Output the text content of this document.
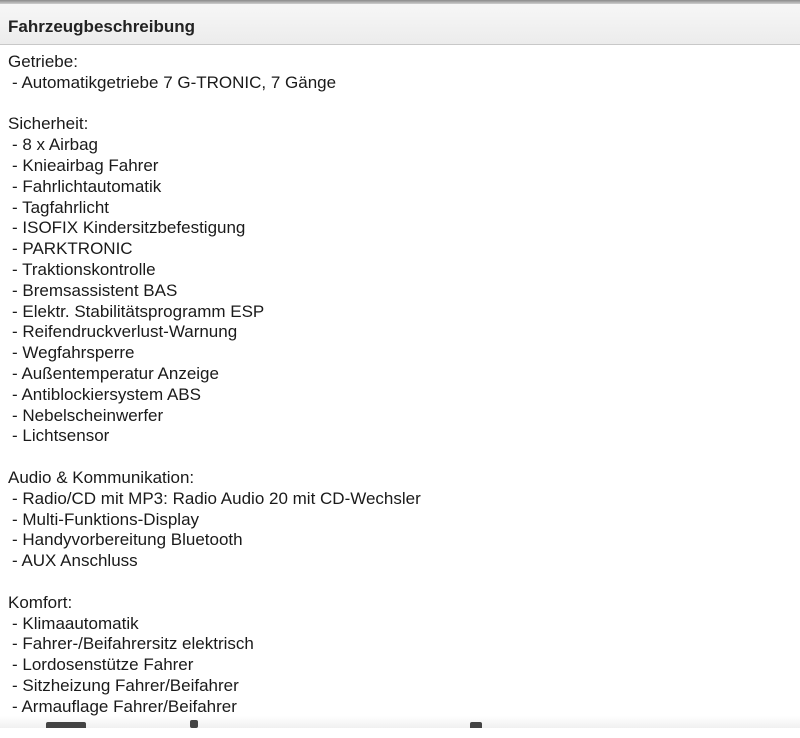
Fahrzeugbeschreibung

Getriebe:

- Automatikgetriebe 7 G-TRONIC, 7 Gänge

Sicherheit:

- 8 x Airbag

- Knieairbag Fahrer

- Fahrlichtautomatik

- Tagfahrlicht

- ISOFIX Kindersitzbefestigung

- PARKTRONIC

- Traktionskontrolle

- Bremsassistent BAS

- Elektr. Stabilitätsprogramm ESP

- Reifendruckverlust-Warnung

- Wegfahrsperre

- Außentemperatur Anzeige

- Antiblockiersystem ABS

- Nebelscheinwerfer

- Lichtsensor

Audio & Kommunikation:

- Radio/CD mit MP3: Radio Audio 20 mit CD-Wechsler

- Multi-Funktions-Display

- Handyvorbereitung Bluetooth

- AUX Anschluss

Komfort:

- Klimaautomatik

- Fahrer-/Beifahrersitz elektrisch

- Lordosenstütze Fahrer

- Sitzheizung Fahrer/Beifahrer

- Armauflage Fahrer/Beifahrer
